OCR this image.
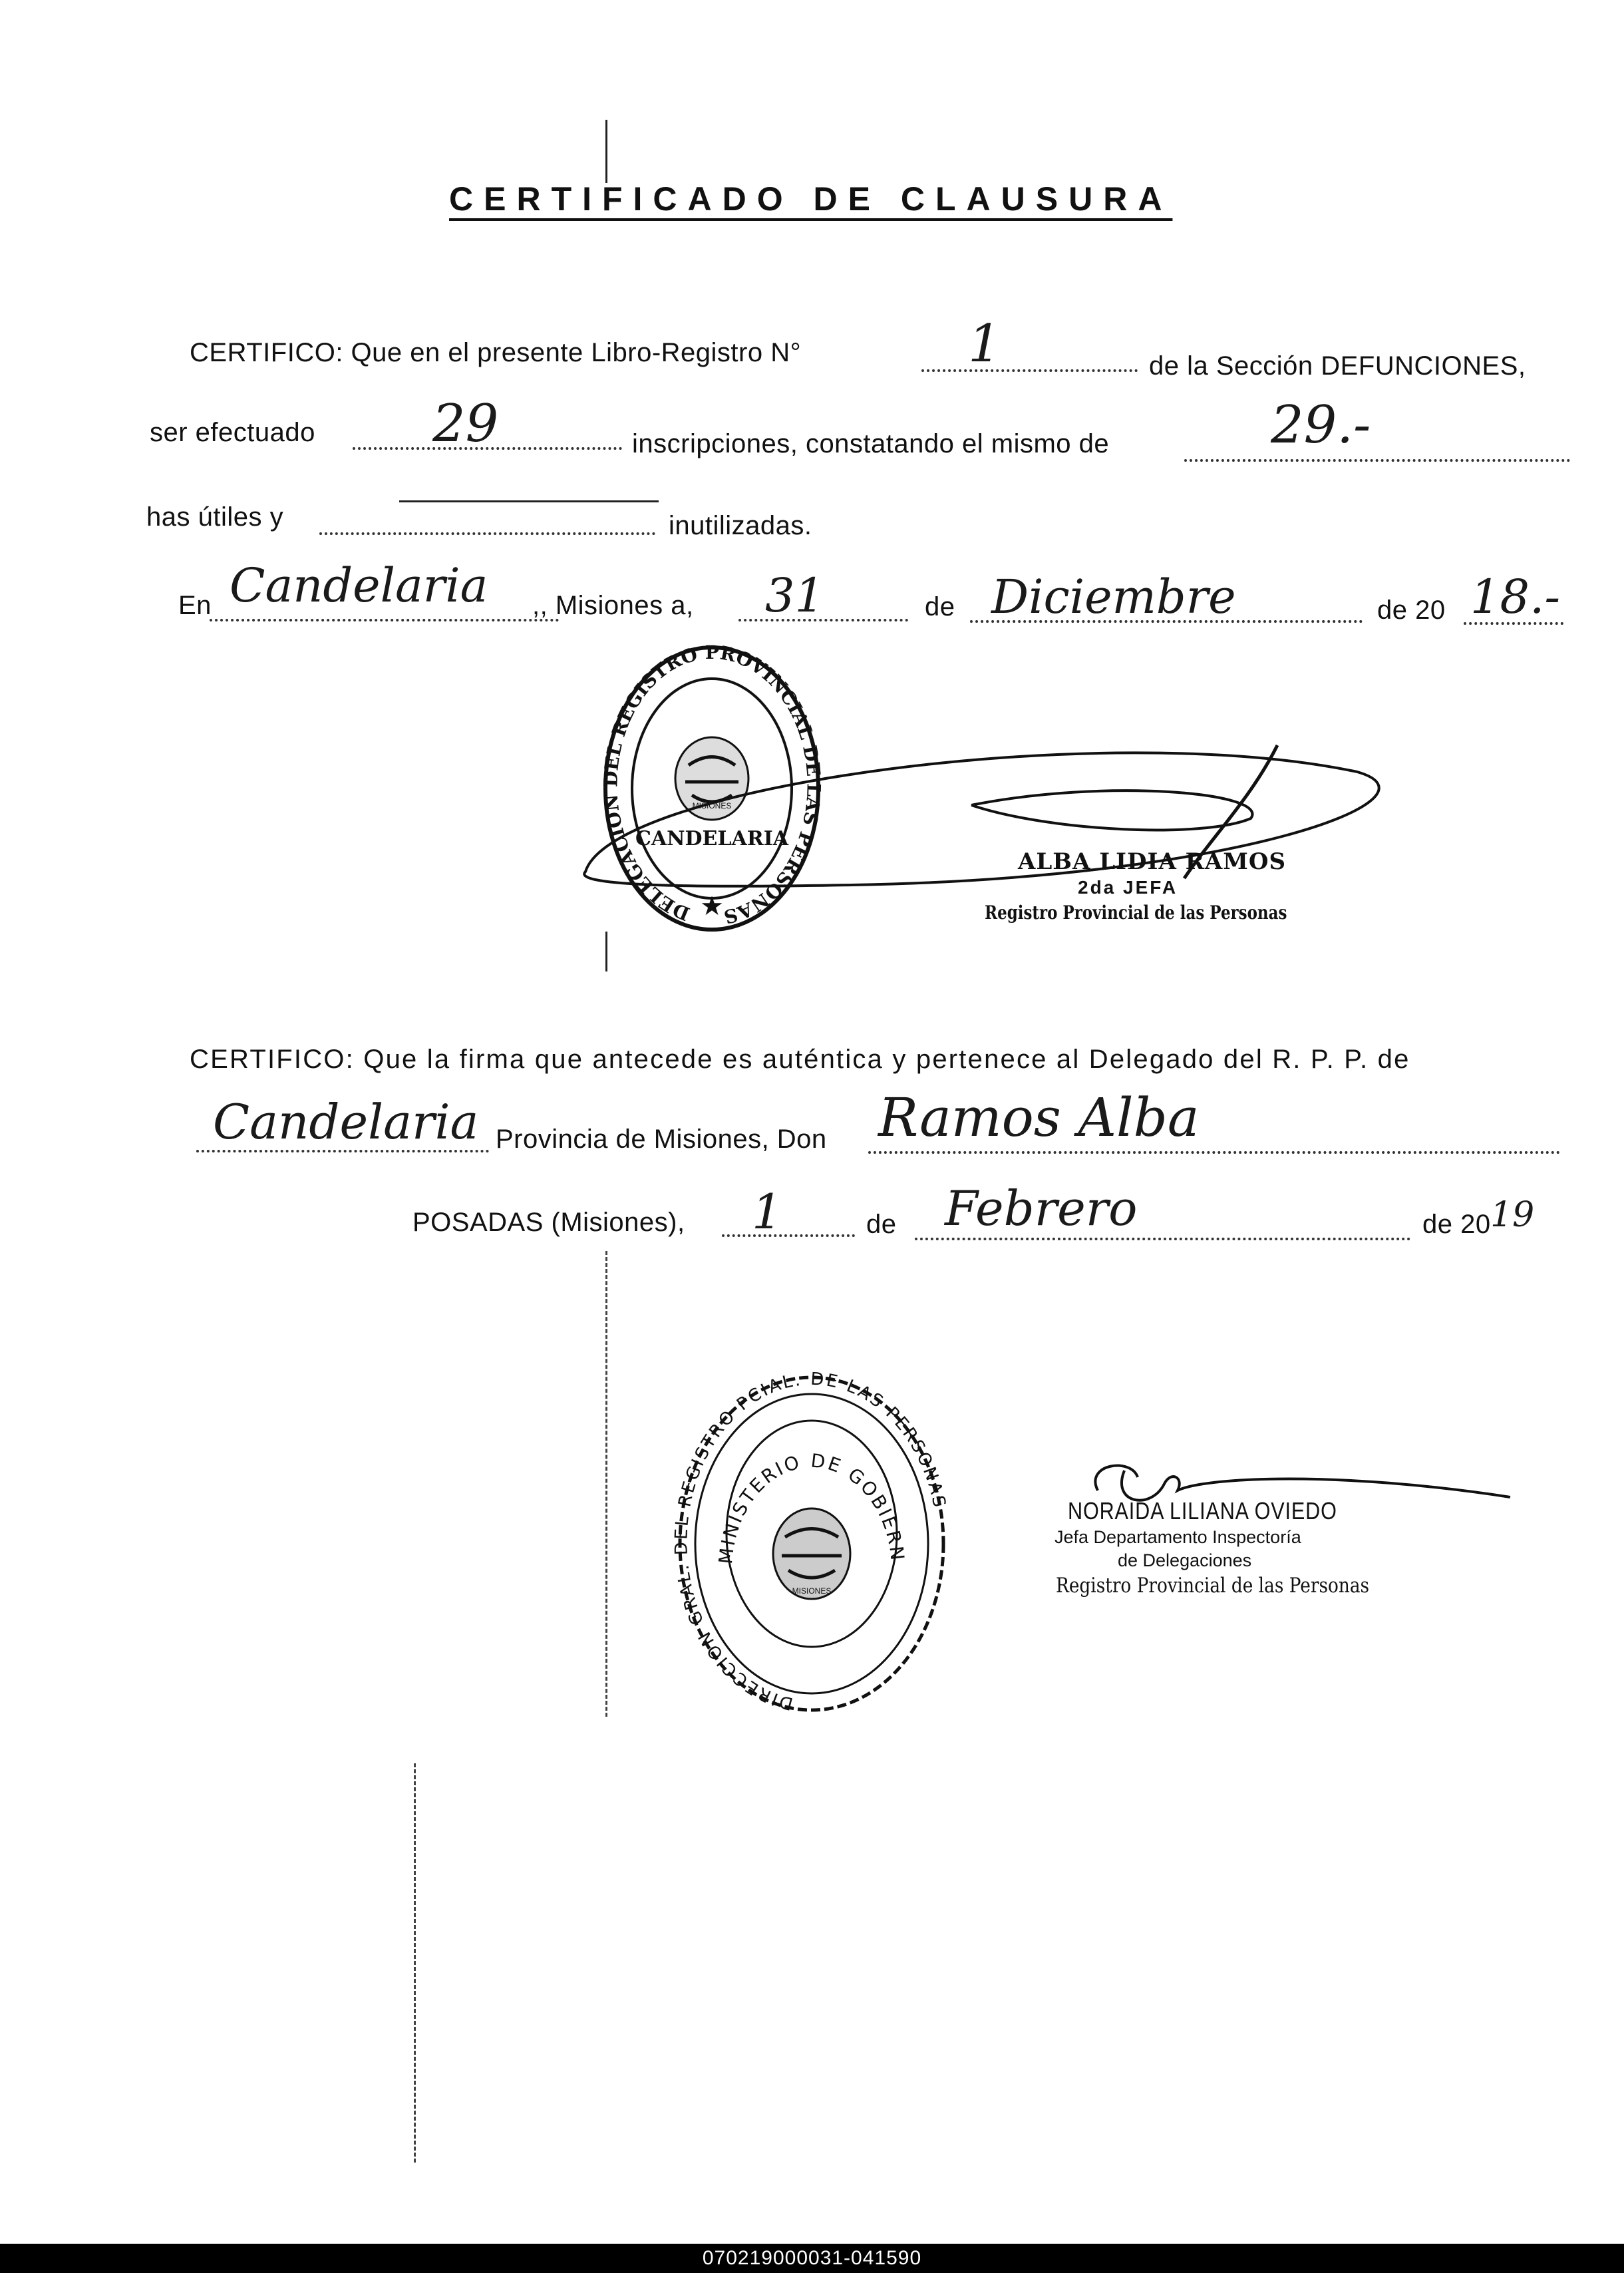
CERTIFICADO DE CLAUSURA
CERTIFICO: Que en el presente Libro-Registro N°	1	de la Sección DEFUNCIONES,
ser efectuado 29	inscripciones, constatando el mismo de	29.-
has útiles y	inutilizadas.
En Candelaria ,, Misiones a, 31	de Diciembre	de 20 18.-
DELEGACION DEL REGISTRO PROVINCIAL DE LAS PERSONAS
MISIONES
CANDELARIA
★
ALBA LIDIA RAMOS
2da JEFA
Registro Provincial de las Personas
CERTIFICO: Que la firma que antecede es auténtica y pertenece al Delegado del R. P. P. de
Candelaria Provincia de Misiones, Don Ramos Alba
POSADAS (Misiones), 1	de Febrero	de 20 19
DIRECCION GRAL. DEL REGISTRO PCIAL. DE LAS PERSONAS
MINISTERIO DE GOBIERNO
MISIONES
NORAIDA LILIANA OVIEDO
Jefa Departamento Inspectoría
de Delegaciones
Registro Provincial de las Personas
070219000031-041590
